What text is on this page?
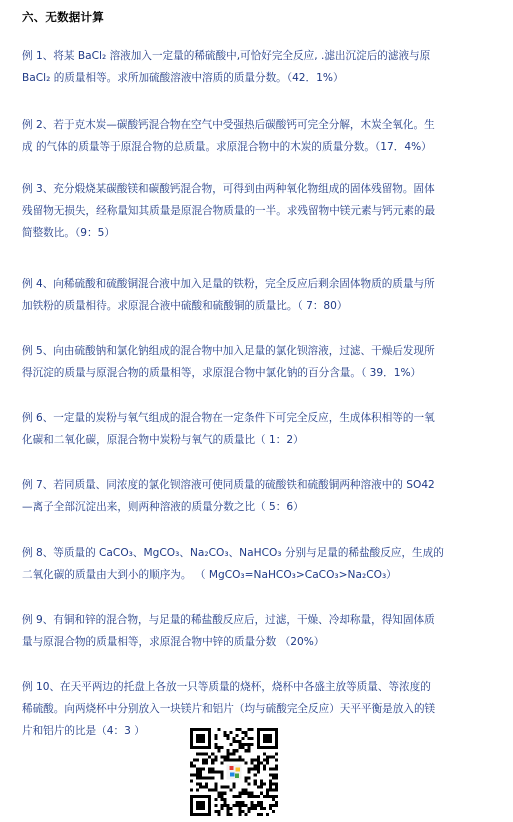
六、无数据计算
例 1、将某 BaCl₂ 溶液加入一定量的稀硫酸中,可恰好完全反应, .滤出沉淀后的滤液与原
BaCl₂ 的质量相等。求所加硫酸溶液中溶质的质量分数。（42．1%）
例 2、若于克木炭—碳酸钙混合物在空气中受强热后碳酸钙可完全分解，木炭全氧化。生
成 的气体的质量等于原混合物的总质量。求原混合物中的木炭的质量分数。（17．4%）
例 3、充分煅烧某碳酸镁和碳酸钙混合物，可得到由两种氧化物组成的固体残留物。固体
残留物无损失，经称量知其质量是原混合物质量的一半。求残留物中镁元素与钙元素的最
简整数比。（9：5）
例 4、向稀硫酸和硫酸铜混合液中加入足量的铁粉，完全反应后剩余固体物质的质量与所
加铁粉的质量相待。求原混合液中硫酸和硫酸铜的质量比。（ 7：80）
例 5、向由硫酸钠和氯化钠组成的混合物中加入足量的氯化钡溶液，过滤、干燥后发现所
得沉淀的质量与原混合物的质量相等，求原混合物中氯化钠的百分含量。（ 39．1%）
例 6、一定量的炭粉与氧气组成的混合物在一定条件下可完全反应，生成体积相等的一氧
化碳和二氧化碳，原混合物中炭粉与氧气的质量比（ 1：2）
例 7、若同质量、同浓度的氯化钡溶液可使同质量的硫酸铁和硫酸铜两种溶液中的 SO42
—离子全部沉淀出来，则两种溶液的质量分数之比（ 5：6）
例 8、等质量的 CaCO₃、MgCO₃、Na₂CO₃、NaHCO₃ 分别与足量的稀盐酸反应，生成的
二氧化碳的质量由大到小的顺序为。 （ MgCO₃=NaHCO₃>CaCO₃>Na₂CO₃）
例 9、有铜和锌的混合物，与足量的稀盐酸反应后，过滤，干燥、冷却称量，得知固体质
量与原混合物的质量相等，求原混合物中锌的质量分数 （20%）
例 10、在天平两边的托盘上各放一只等质量的烧杯，烧杯中各盛主放等质量、等浓度的
稀硫酸。向两烧杯中分别放入一块镁片和铝片（均与硫酸完全反应）天平平衡是放入的镁
片和铝片的比是（4：3 ）
